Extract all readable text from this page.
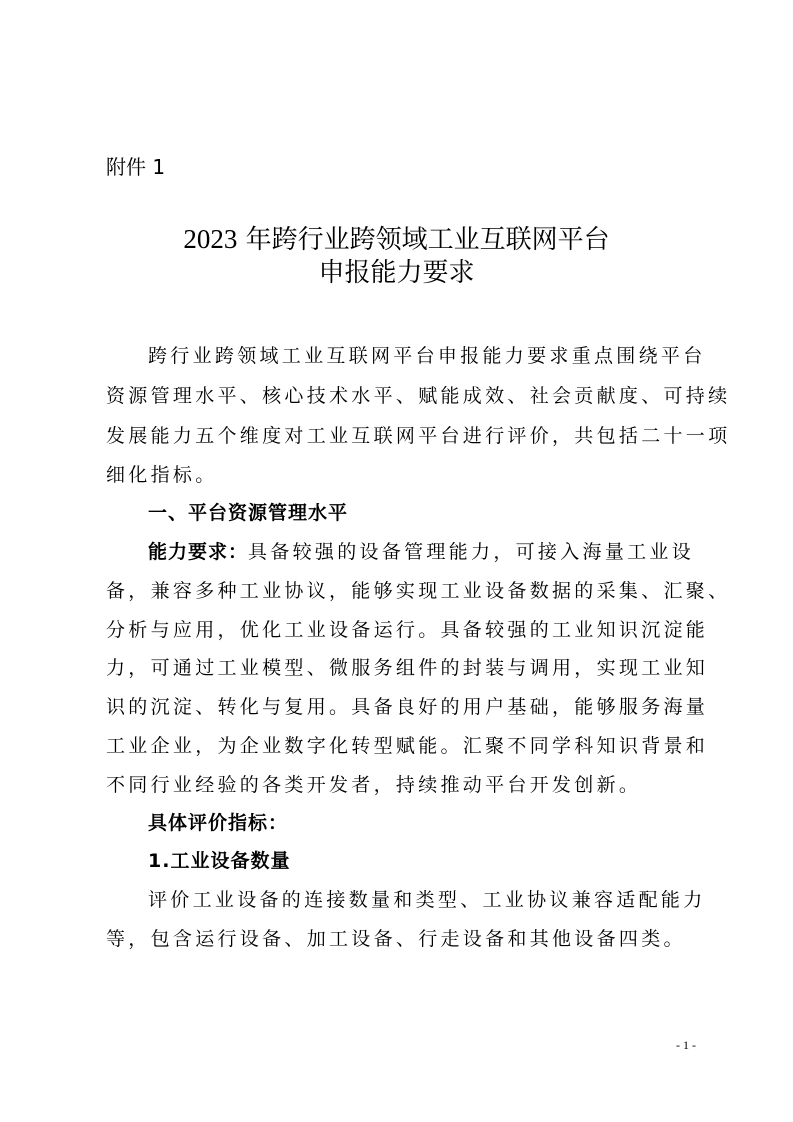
附件 1
2023 年跨行业跨领域工业互联网平台
申报能力要求
跨行业跨领域工业互联网平台申报能力要求重点围绕平台
资源管理水平、核心技术水平、赋能成效、社会贡献度、可持续
发展能力五个维度对工业互联网平台进行评价，共包括二十一项
细化指标。
一、平台资源管理水平
能力要求：具备较强的设备管理能力，可接入海量工业设
备，兼容多种工业协议，能够实现工业设备数据的采集、汇聚、
分析与应用，优化工业设备运行。具备较强的工业知识沉淀能
力，可通过工业模型、微服务组件的封装与调用，实现工业知
识的沉淀、转化与复用。具备良好的用户基础，能够服务海量
工业企业，为企业数字化转型赋能。汇聚不同学科知识背景和
不同行业经验的各类开发者，持续推动平台开发创新。
具体评价指标：
1.工业设备数量
评价工业设备的连接数量和类型、工业协议兼容适配能力
等，包含运行设备、加工设备、行走设备和其他设备四类。
- 1 -
